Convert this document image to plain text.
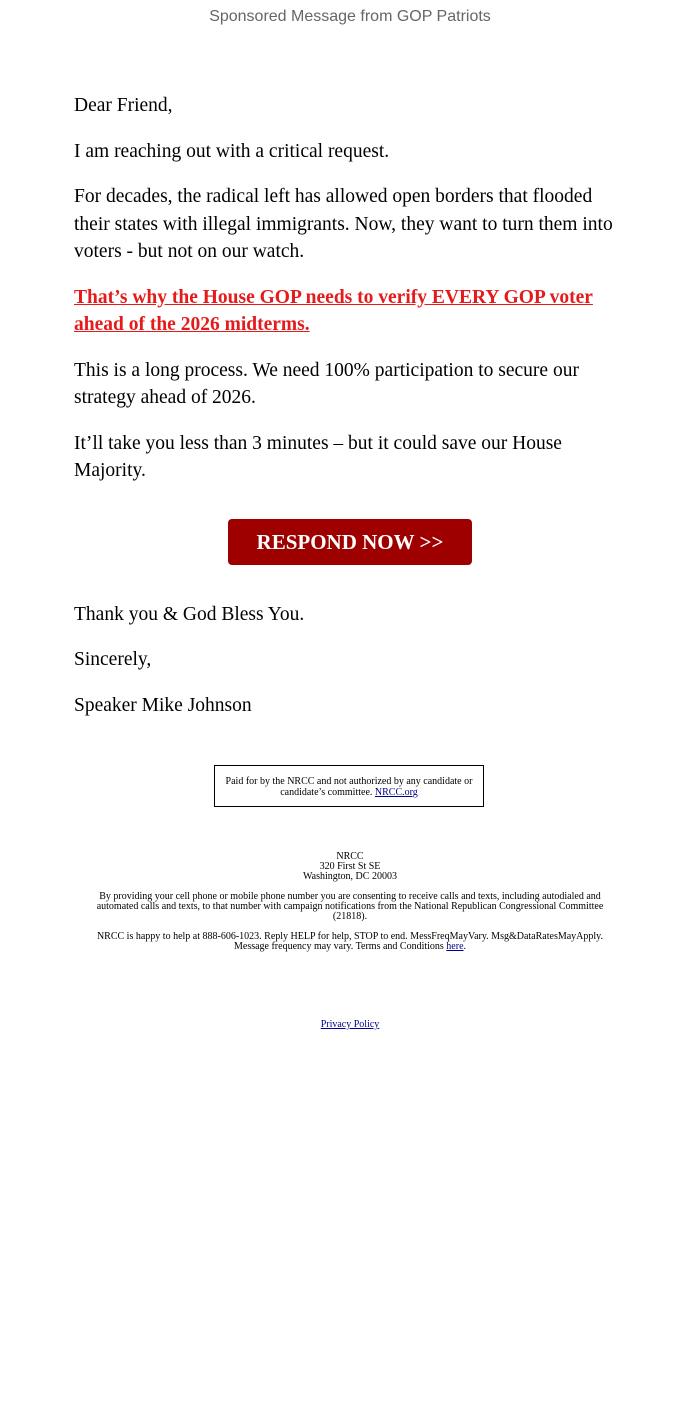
Sponsored Message from GOP Patriots

Dear Friend,

I am reaching out with a critical request.

For decades, the radical left has allowed open borders that flooded their states with illegal immigrants. Now, they want to turn them into voters - but not on our watch.

That’s why the House GOP needs to verify EVERY GOP voter ahead of the 2026 midterms.

This is a long process. We need 100% participation to secure our strategy ahead of 2026.

It’ll take you less than 3 minutes – but it could save our House Majority.

RESPOND NOW >>

Thank you & God Bless You.

Sincerely,

Speaker Mike Johnson

Paid for by the NRCC and not authorized by any candidate or candidate’s committee. NRCC.org
NRCC
320 First St SE
Washington, DC 20003
By providing your cell phone or mobile phone number you are consenting to receive calls and texts, including autodialed and automated calls and texts, to that number with campaign notifications from the National Republican Congressional Committee (21818).
NRCC is happy to help at 888-606-1023. Reply HELP for help, STOP to end. MessFreqMayVary. Msg&DataRatesMayApply. Message frequency may vary. Terms and Conditions here.
Privacy Policy
